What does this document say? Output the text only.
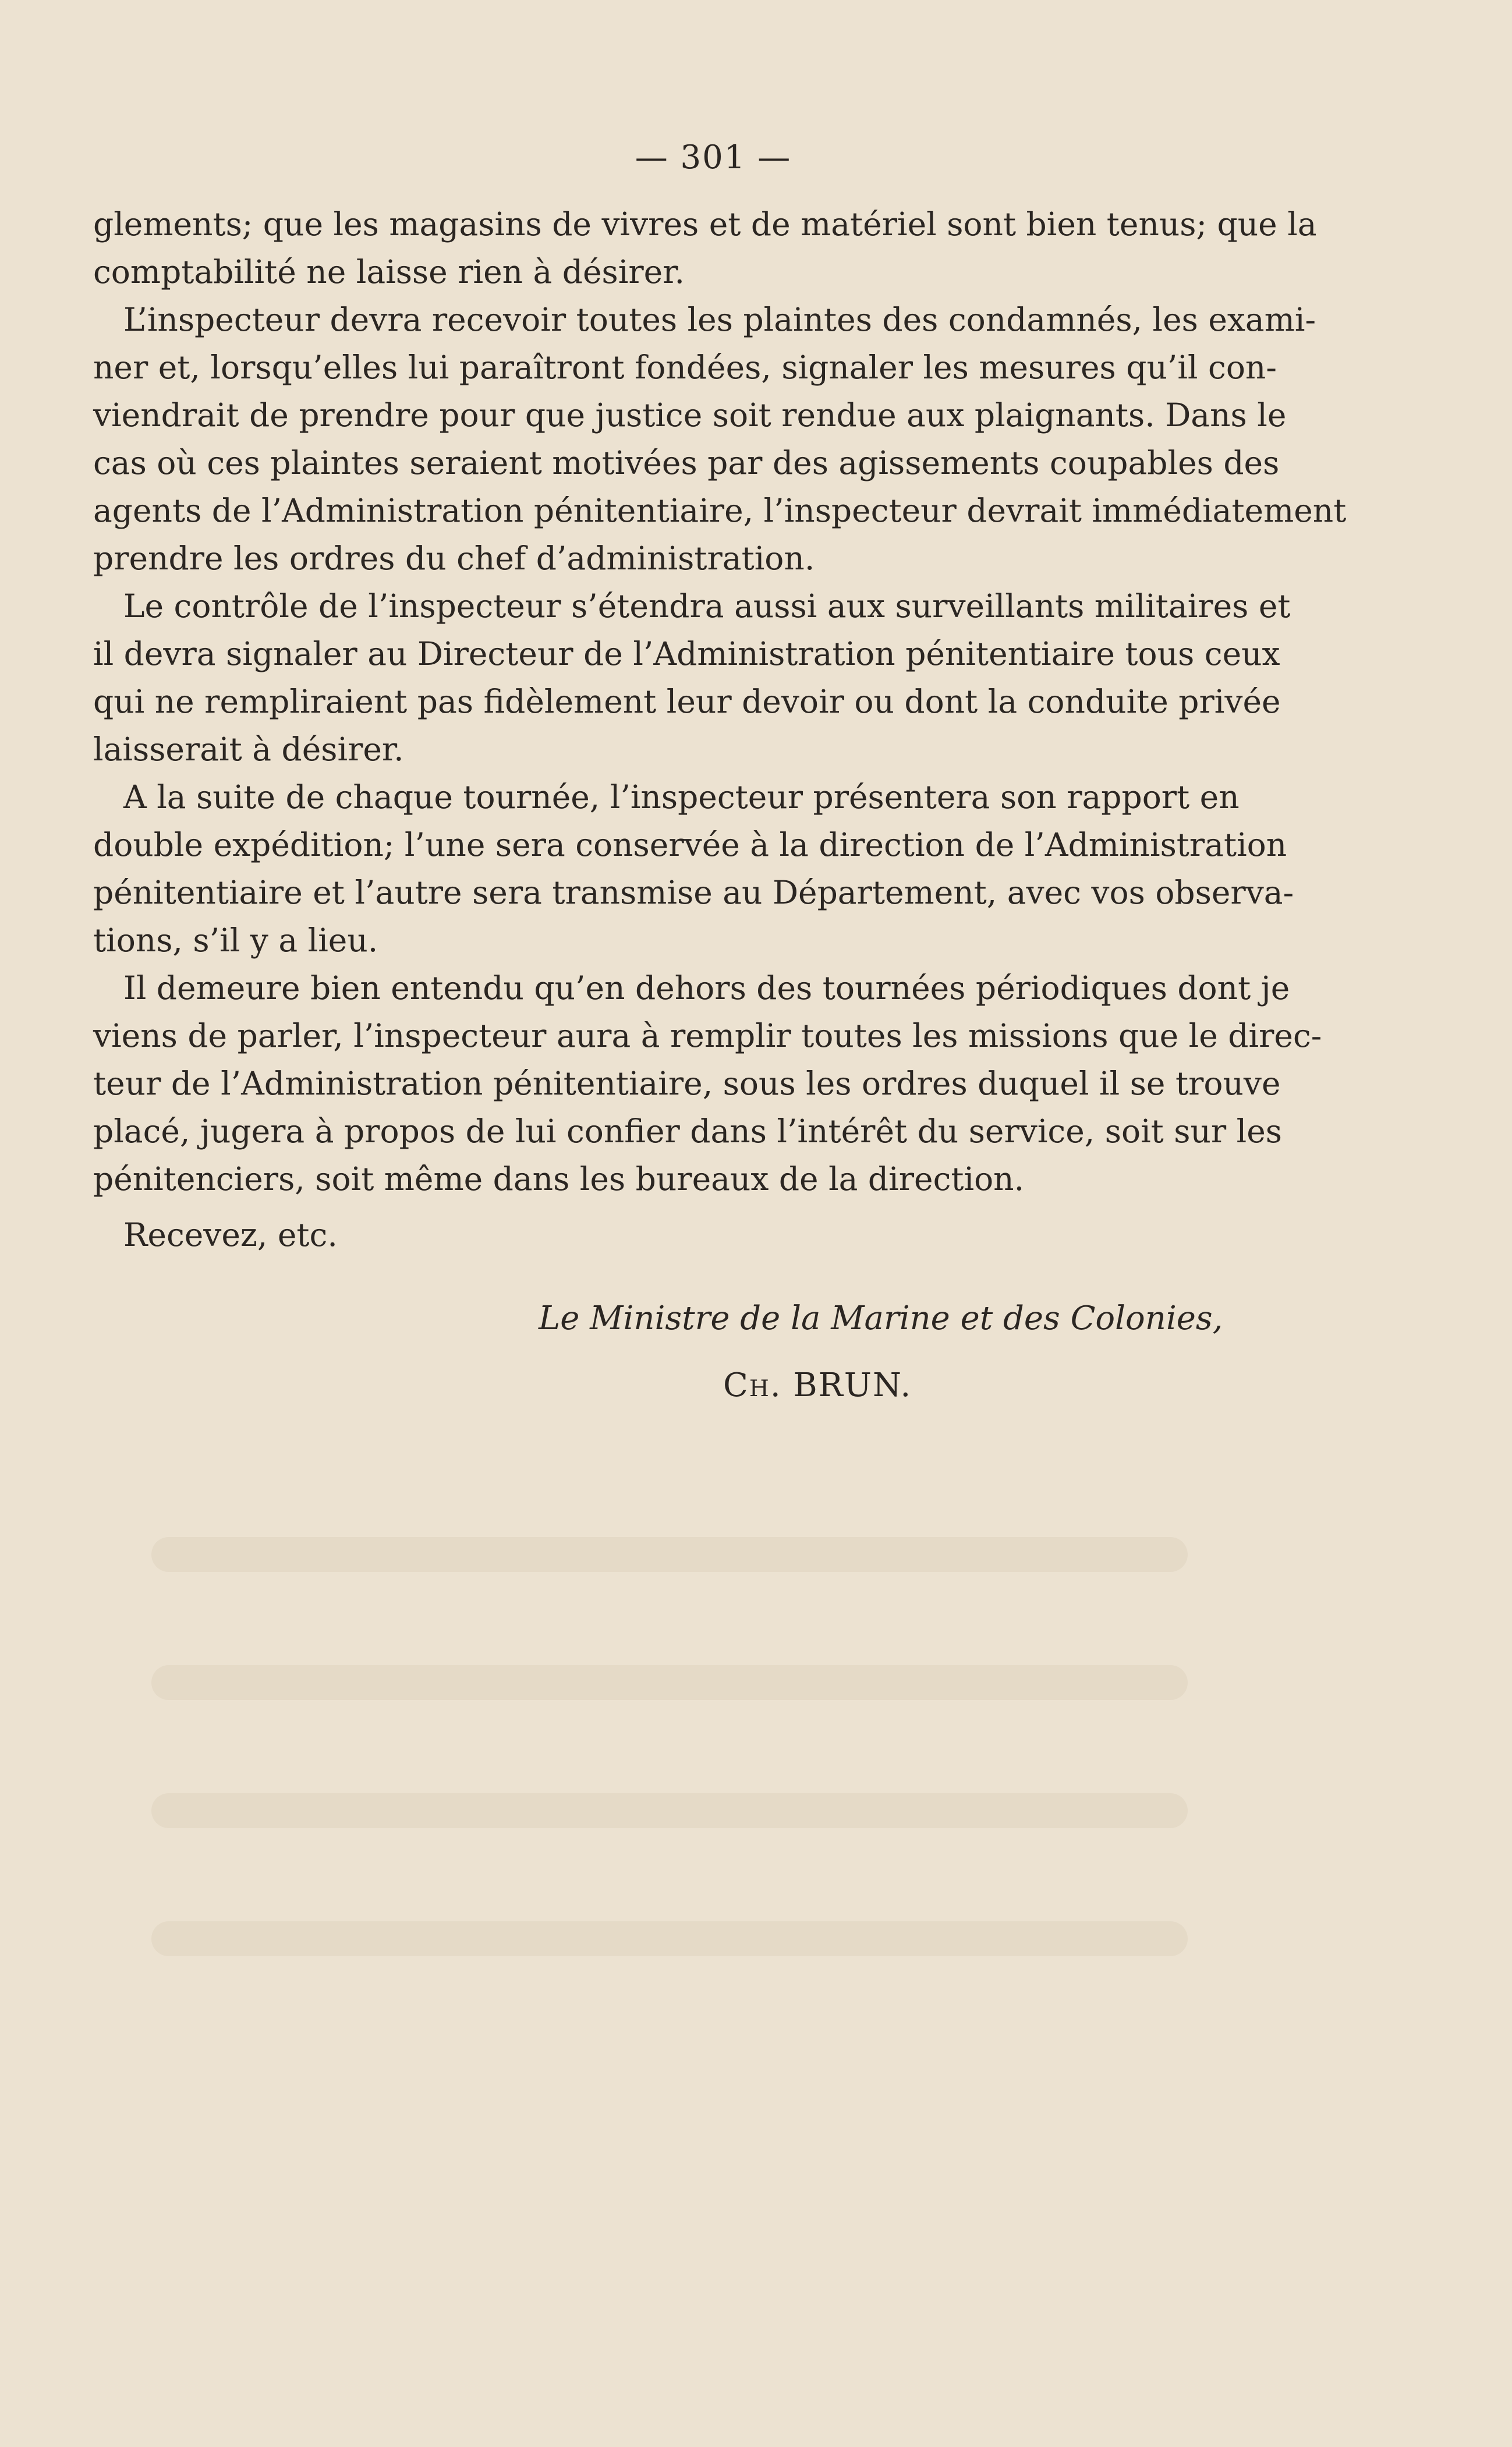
— 301 —
glements; que les magasins de vivres et de matériel sont bien tenus; que la
comptabilité ne laisse rien à désirer.
L’inspecteur devra recevoir toutes les plaintes des condamnés, les exami-
ner et, lorsqu’elles lui paraîtront fondées, signaler les mesures qu’il con-
viendrait de prendre pour que justice soit rendue aux plaignants. Dans le
cas où ces plaintes seraient motivées par des agissements coupables des
agents de l’Administration pénitentiaire, l’inspecteur devrait immédiatement
prendre les ordres du chef d’administration.
Le contrôle de l’inspecteur s’étendra aussi aux surveillants militaires et
il devra signaler au Directeur de l’Administration pénitentiaire tous ceux
qui ne rempliraient pas fidèlement leur devoir ou dont la conduite privée
laisserait à désirer.
A la suite de chaque tournée, l’inspecteur présentera son rapport en
double expédition; l’une sera conservée à la direction de l’Administration
pénitentiaire et l’autre sera transmise au Département, avec vos observa-
tions, s’il y a lieu.
Il demeure bien entendu qu’en dehors des tournées périodiques dont je
viens de parler, l’inspecteur aura à remplir toutes les missions que le direc-
teur de l’Administration pénitentiaire, sous les ordres duquel il se trouve
placé, jugera à propos de lui confier dans l’intérêt du service, soit sur les
pénitenciers, soit même dans les bureaux de la direction.
Recevez, etc.
Le Ministre de la Marine et des Colonies,
Ch. BRUN.
